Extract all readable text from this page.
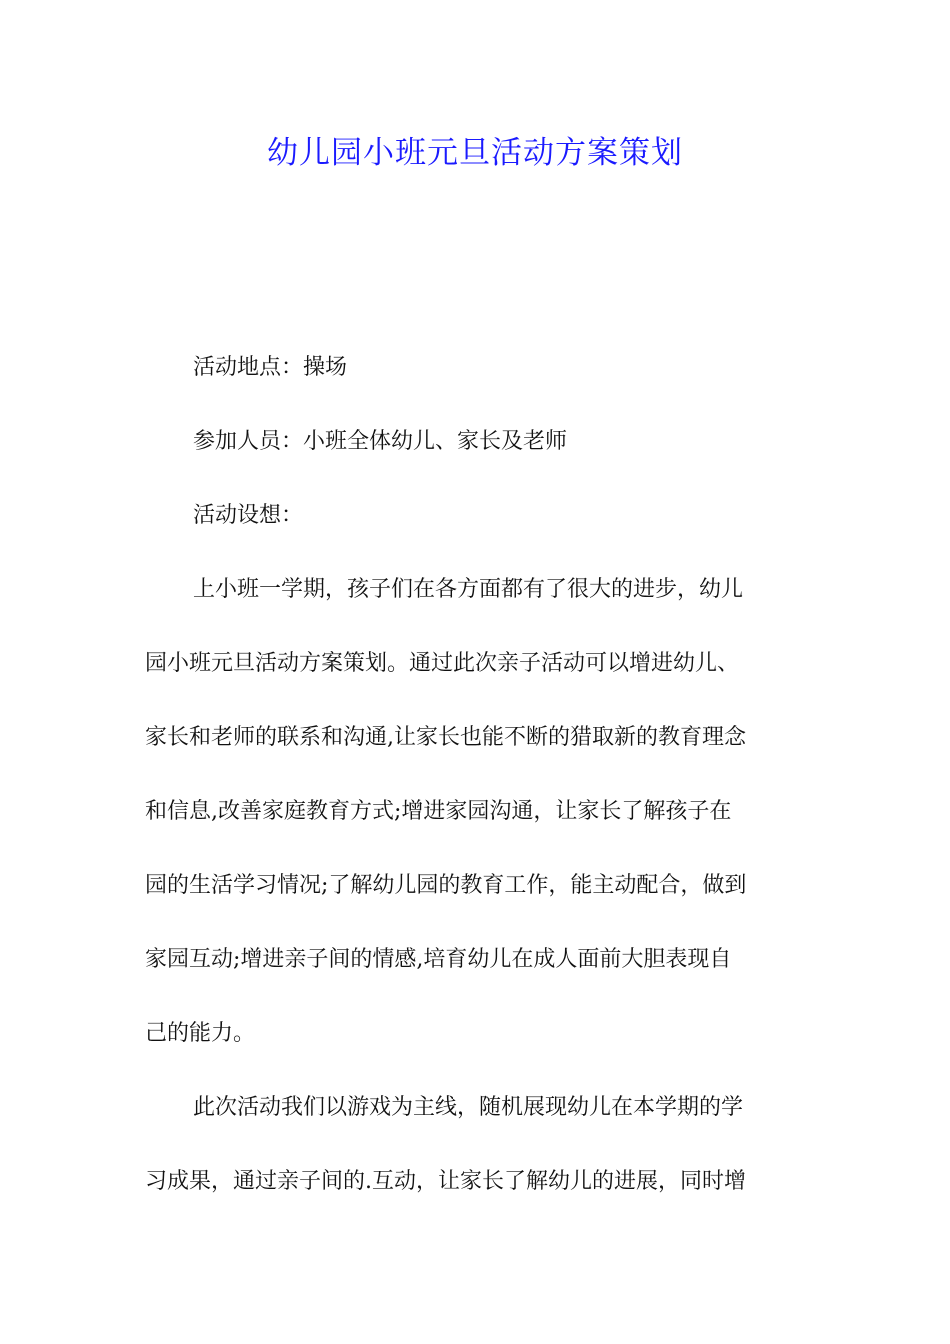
幼儿园小班元旦活动方案策划

活动地点：操场

参加人员：小班全体幼儿、家长及老师

活动设想：

上小班一学期，孩子们在各方面都有了很大的进步，幼儿
园小班元旦活动方案策划。通过此次亲子活动可以增进幼儿、
家长和老师的联系和沟通,让家长也能不断的猎取新的教育理念
和信息,改善家庭教育方式;增进家园沟通，让家长了解孩子在
园的生活学习情况;了解幼儿园的教育工作，能主动配合，做到
家园互动;增进亲子间的情感,培育幼儿在成人面前大胆表现自
己的能力。

此次活动我们以游戏为主线，随机展现幼儿在本学期的学
习成果，通过亲子间的.互动，让家长了解幼儿的进展，同时增
